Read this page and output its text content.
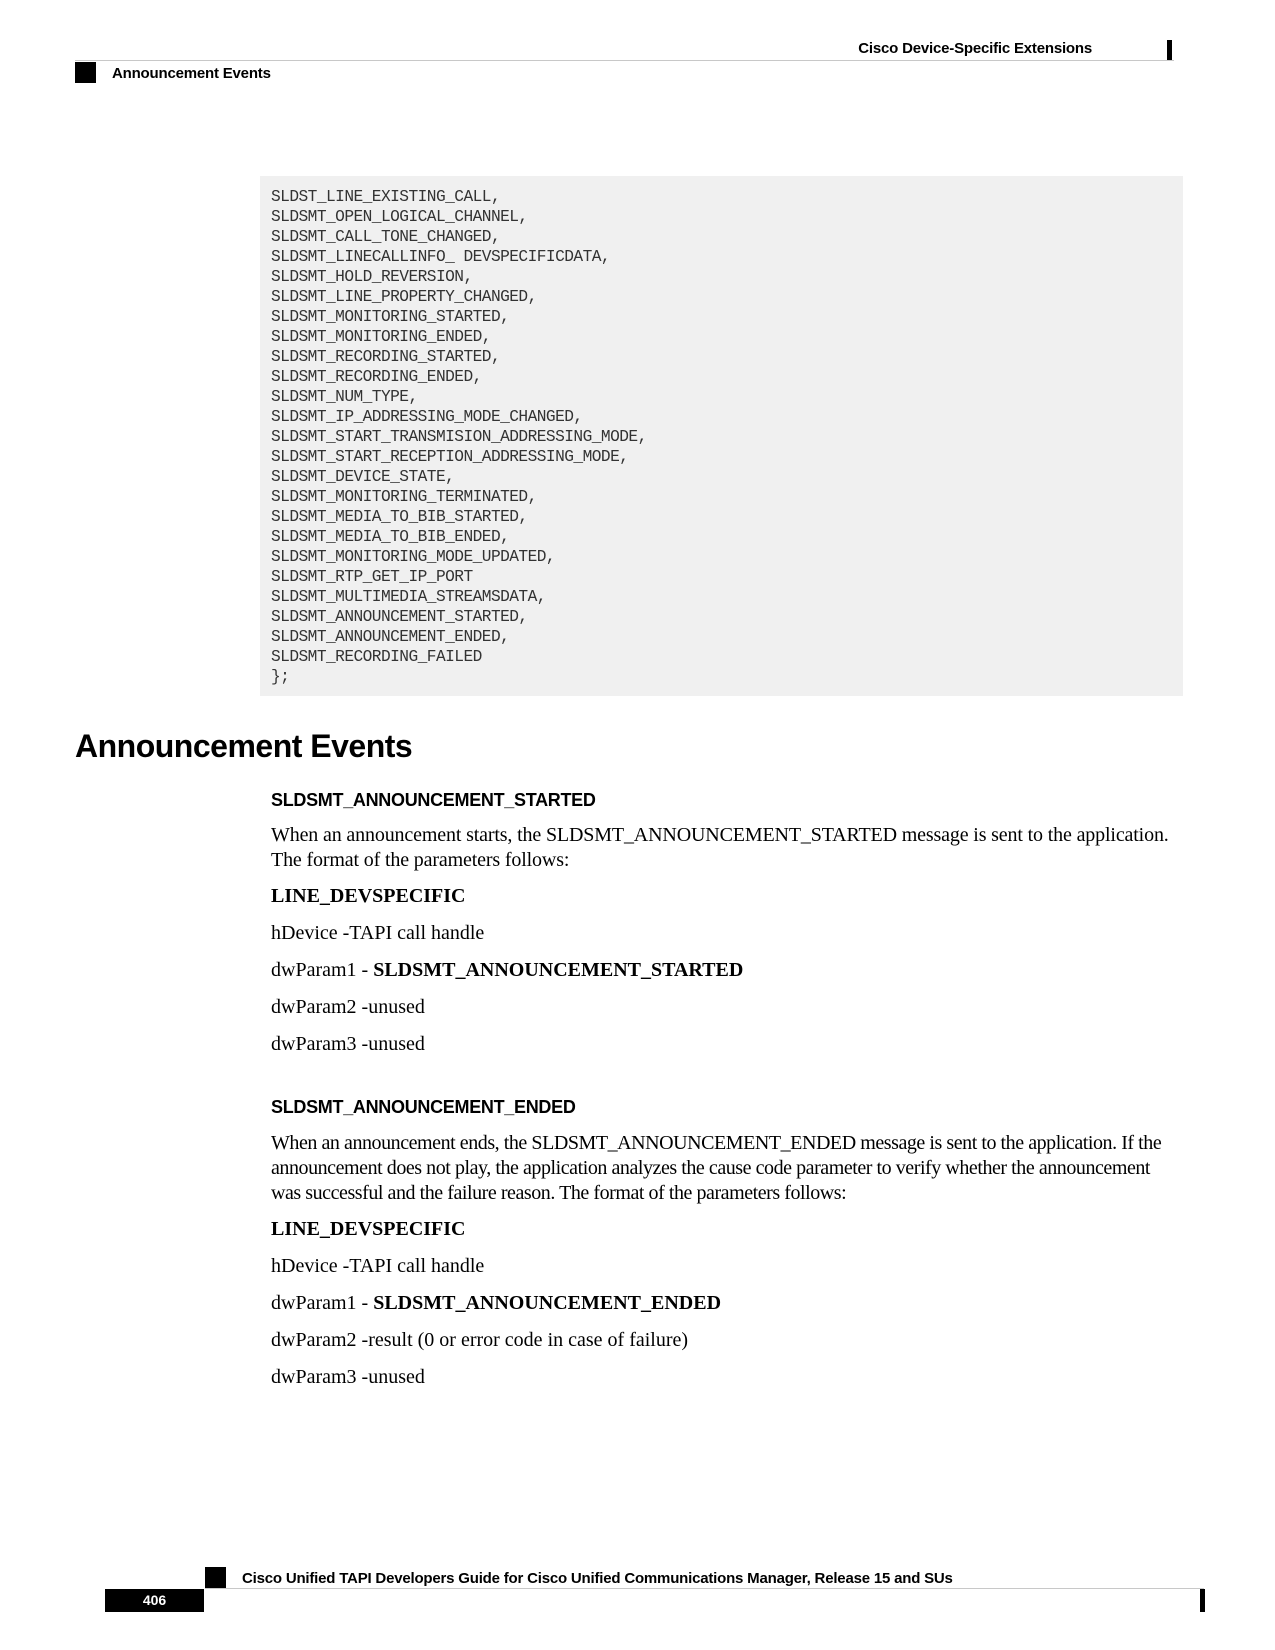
Cisco Device-Specific Extensions
Announcement Events
SLDST_LINE_EXISTING_CALL,
SLDSMT_OPEN_LOGICAL_CHANNEL,
SLDSMT_CALL_TONE_CHANGED,
SLDSMT_LINECALLINFO_ DEVSPECIFICDATA,
SLDSMT_HOLD_REVERSION,
SLDSMT_LINE_PROPERTY_CHANGED,
SLDSMT_MONITORING_STARTED,
SLDSMT_MONITORING_ENDED,
SLDSMT_RECORDING_STARTED,
SLDSMT_RECORDING_ENDED,
SLDSMT_NUM_TYPE,
SLDSMT_IP_ADDRESSING_MODE_CHANGED,
SLDSMT_START_TRANSMISION_ADDRESSING_MODE,
SLDSMT_START_RECEPTION_ADDRESSING_MODE,
SLDSMT_DEVICE_STATE,
SLDSMT_MONITORING_TERMINATED,
SLDSMT_MEDIA_TO_BIB_STARTED,
SLDSMT_MEDIA_TO_BIB_ENDED,
SLDSMT_MONITORING_MODE_UPDATED,
SLDSMT_RTP_GET_IP_PORT
SLDSMT_MULTIMEDIA_STREAMSDATA,
SLDSMT_ANNOUNCEMENT_STARTED,
SLDSMT_ANNOUNCEMENT_ENDED,
SLDSMT_RECORDING_FAILED
};
Announcement Events
SLDSMT_ANNOUNCEMENT_STARTED
When an announcement starts, the SLDSMT_ANNOUNCEMENT_STARTED message is sent to the application. The format of the parameters follows:
LINE_DEVSPECIFIC
hDevice -TAPI call handle
dwParam1 - SLDSMT_ANNOUNCEMENT_STARTED
dwParam2 -unused
dwParam3 -unused
SLDSMT_ANNOUNCEMENT_ENDED
When an announcement ends, the SLDSMT_ANNOUNCEMENT_ENDED message is sent to the application. If the announcement does not play, the application analyzes the cause code parameter to verify whether the announcement was successful and the failure reason. The format of the parameters follows:
LINE_DEVSPECIFIC
hDevice -TAPI call handle
dwParam1 - SLDSMT_ANNOUNCEMENT_ENDED
dwParam2 -result (0 or error code in case of failure)
dwParam3 -unused
Cisco Unified TAPI Developers Guide for Cisco Unified Communications Manager, Release 15 and SUs
406
